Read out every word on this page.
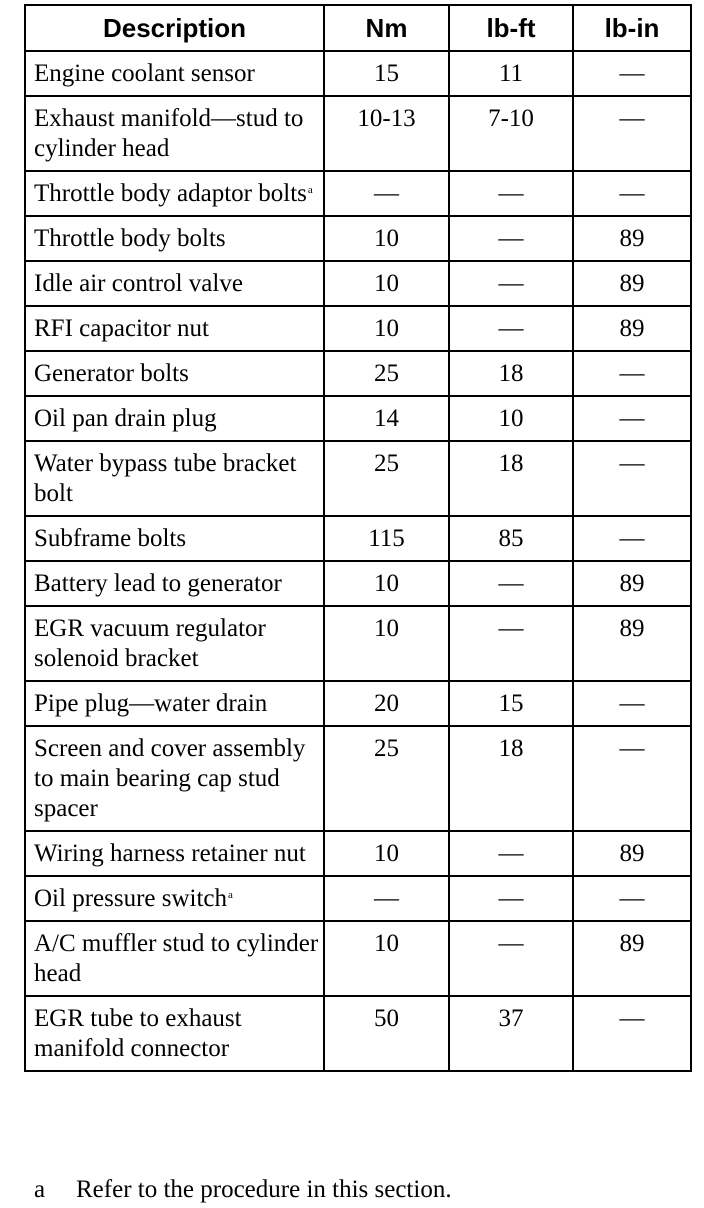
Description	Nm	lb-ft	lb-in
Engine coolant sensor	15	11	—
Exhaust manifold—stud to cylinder head	10-13	7-10	—
Throttle body adaptor bolts$^a$	—	—	—
Throttle body bolts	10	—	89
Idle air control valve	10	—	89
RFI capacitor nut	10	—	89
Generator bolts	25	18	—
Oil pan drain plug	14	10	—
Water bypass tube bracket bolt	25	18	—
Subframe bolts	115	85	—
Battery lead to generator	10	—	89
EGR vacuum regulator solenoid bracket	10	—	89
Pipe plug—water drain	20	15	—
Screen and cover assembly to main bearing cap stud spacer	25	18	—
Wiring harness retainer nut	10	—	89
Oil pressure switch$^a$	—	—	—
A/C muffler stud to cylinder head	10	—	89
EGR tube to exhaust manifold connector	50	37	—
a Refer to the procedure in this section.
